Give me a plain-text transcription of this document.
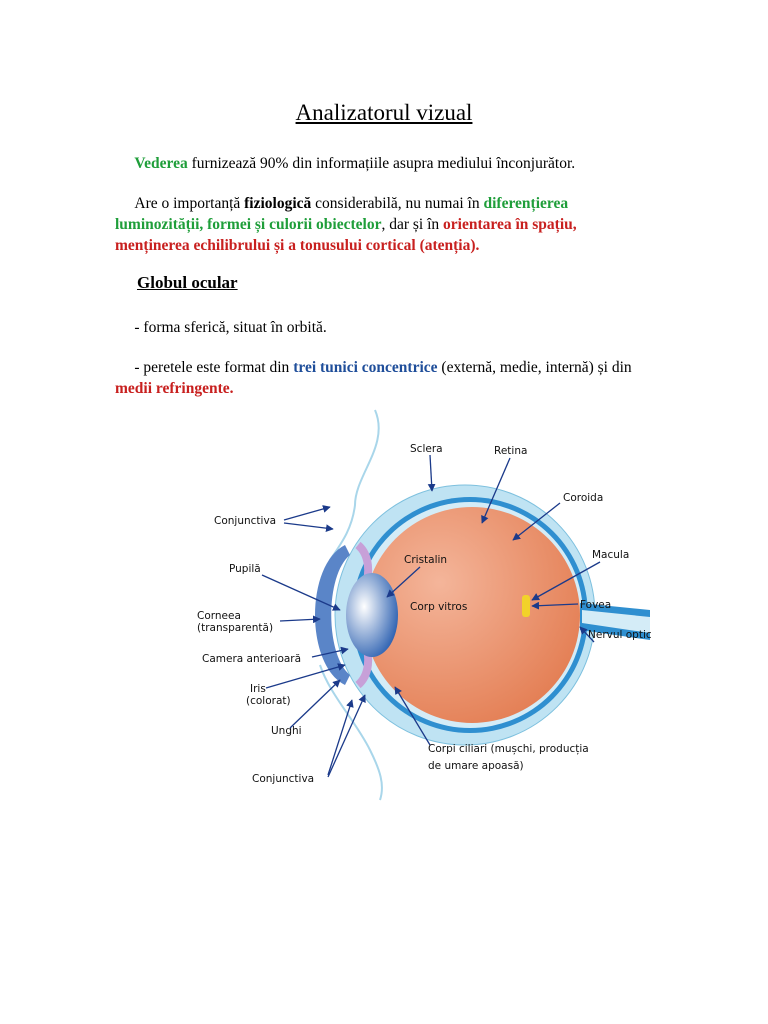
Analizatorul vizual
  Vederea furnizează 90% din informațiile asupra mediului înconjurător.
  Are o importanță fiziologică considerabilă, nu numai în diferențierea luminozității, formei și culorii obiectelor, dar și în orientarea în spațiu, menținerea echilibrului și a tonusului cortical (atenția).
Globul ocular
  - forma sferică, situat în orbită.
  - peretele este format din trei tunici concentrice (externă, medie, internă) și din medii refringente.
Sclera	Retina
Coroida
Conjunctiva
Cristalin	Macula
Pupilă
Corp vitros	Fovea
Corneea
(transparentă)
Nervul optic
Camera anterioară
Iris
(colorat)
Unghi
Corpi ciliari (mușchi, producția
de umare apoasă)
Conjunctiva
